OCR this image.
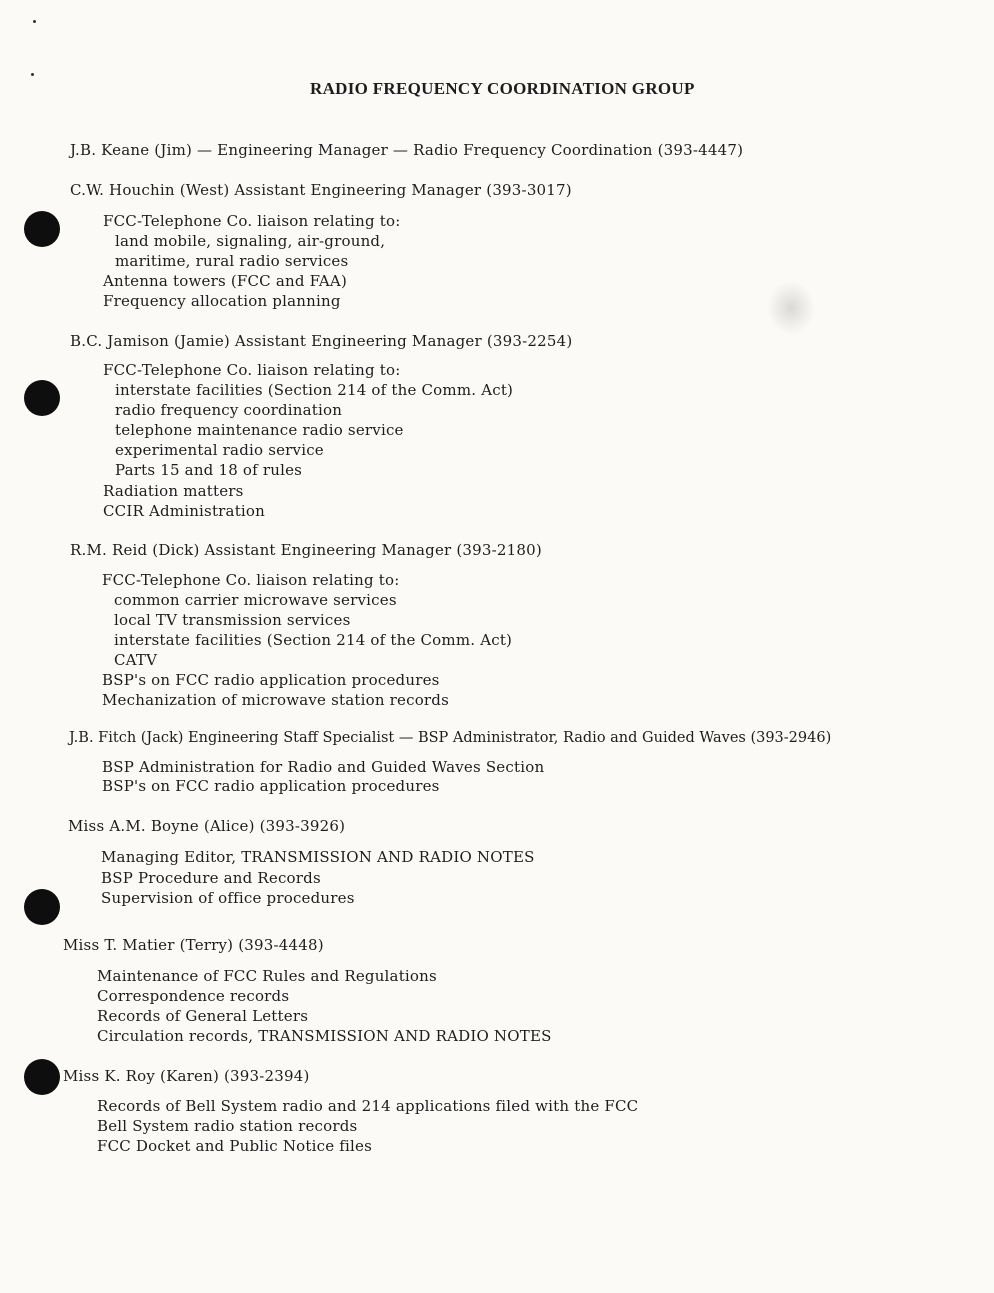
RADIO FREQUENCY COORDINATION GROUP
J.B. Keane (Jim) — Engineering Manager — Radio Frequency Coordination (393-4447)
C.W. Houchin (West) Assistant Engineering Manager (393-3017)
FCC-Telephone Co. liaison relating to:
land mobile, signaling, air-ground,
maritime, rural radio services
Antenna towers (FCC and FAA)
Frequency allocation planning
B.C. Jamison (Jamie) Assistant Engineering Manager (393-2254)
FCC-Telephone Co. liaison relating to:
interstate facilities (Section 214 of the Comm. Act)
radio frequency coordination
telephone maintenance radio service
experimental radio service
Parts 15 and 18 of rules
Radiation matters
CCIR Administration
R.M. Reid (Dick) Assistant Engineering Manager (393-2180)
FCC-Telephone Co. liaison relating to:
common carrier microwave services
local TV transmission services
interstate facilities (Section 214 of the Comm. Act)
CATV
BSP's on FCC radio application procedures
Mechanization of microwave station records
J.B. Fitch (Jack) Engineering Staff Specialist — BSP Administrator, Radio and Guided Waves (393-2946)
BSP Administration for Radio and Guided Waves Section
BSP's on FCC radio application procedures
Miss A.M. Boyne (Alice) (393-3926)
Managing Editor, TRANSMISSION AND RADIO NOTES
BSP Procedure and Records
Supervision of office procedures
Miss T. Matier (Terry) (393-4448)
Maintenance of FCC Rules and Regulations
Correspondence records
Records of General Letters
Circulation records, TRANSMISSION AND RADIO NOTES
Miss K. Roy (Karen) (393-2394)
Records of Bell System radio and 214 applications filed with the FCC
Bell System radio station records
FCC Docket and Public Notice files
